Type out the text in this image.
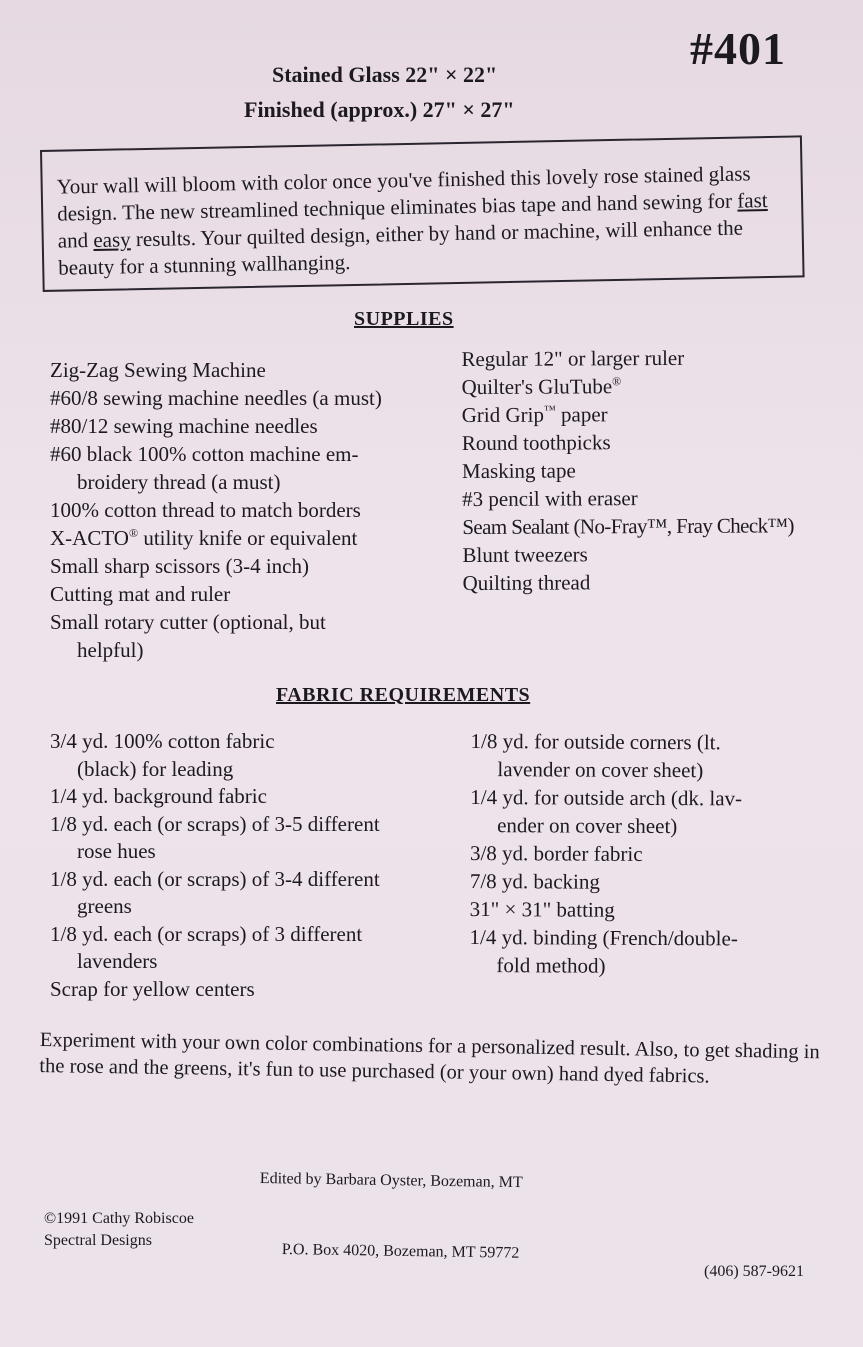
#401
Stained Glass 22" × 22"
Finished (approx.) 27" × 27"
Your wall will bloom with color once you've finished this lovely rose stained glass design. The new streamlined technique eliminates bias tape and hand sewing for fast and easy results. Your quilted design, either by hand or machine, will enhance the beauty for a stunning wallhanging.
SUPPLIES
Zig-Zag Sewing Machine
#60/8 sewing machine needles (a must)
#80/12 sewing machine needles
#60 black 100% cotton machine em-
broidery thread (a must)
100% cotton thread to match borders
X-ACTO® utility knife or equivalent
Small sharp scissors (3-4 inch)
Cutting mat and ruler
Small rotary cutter (optional, but
helpful)
Regular 12" or larger ruler
Quilter's GluTube®
Grid Grip™ paper
Round toothpicks
Masking tape
#3 pencil with eraser
Seam Sealant (No-Fray™, Fray Check™)
Blunt tweezers
Quilting thread
FABRIC REQUIREMENTS
3/4 yd. 100% cotton fabric
(black) for leading
1/4 yd. background fabric
1/8 yd. each (or scraps) of 3-5 different
rose hues
1/8 yd. each (or scraps) of 3-4 different
greens
1/8 yd. each (or scraps) of 3 different
lavenders
Scrap for yellow centers
1/8 yd. for outside corners (lt.
lavender on cover sheet)
1/4 yd. for outside arch (dk. lav-
ender on cover sheet)
3/8 yd. border fabric
7/8 yd. backing
31" × 31" batting
1/4 yd. binding (French/double-
fold method)
Experiment with your own color combinations for a personalized result. Also, to get shading in the rose and the greens, it's fun to use purchased (or your own) hand dyed fabrics.
Edited by Barbara Oyster, Bozeman, MT
©1991 Cathy Robiscoe
Spectral Designs
P.O. Box 4020, Bozeman, MT 59772
(406) 587-9621
